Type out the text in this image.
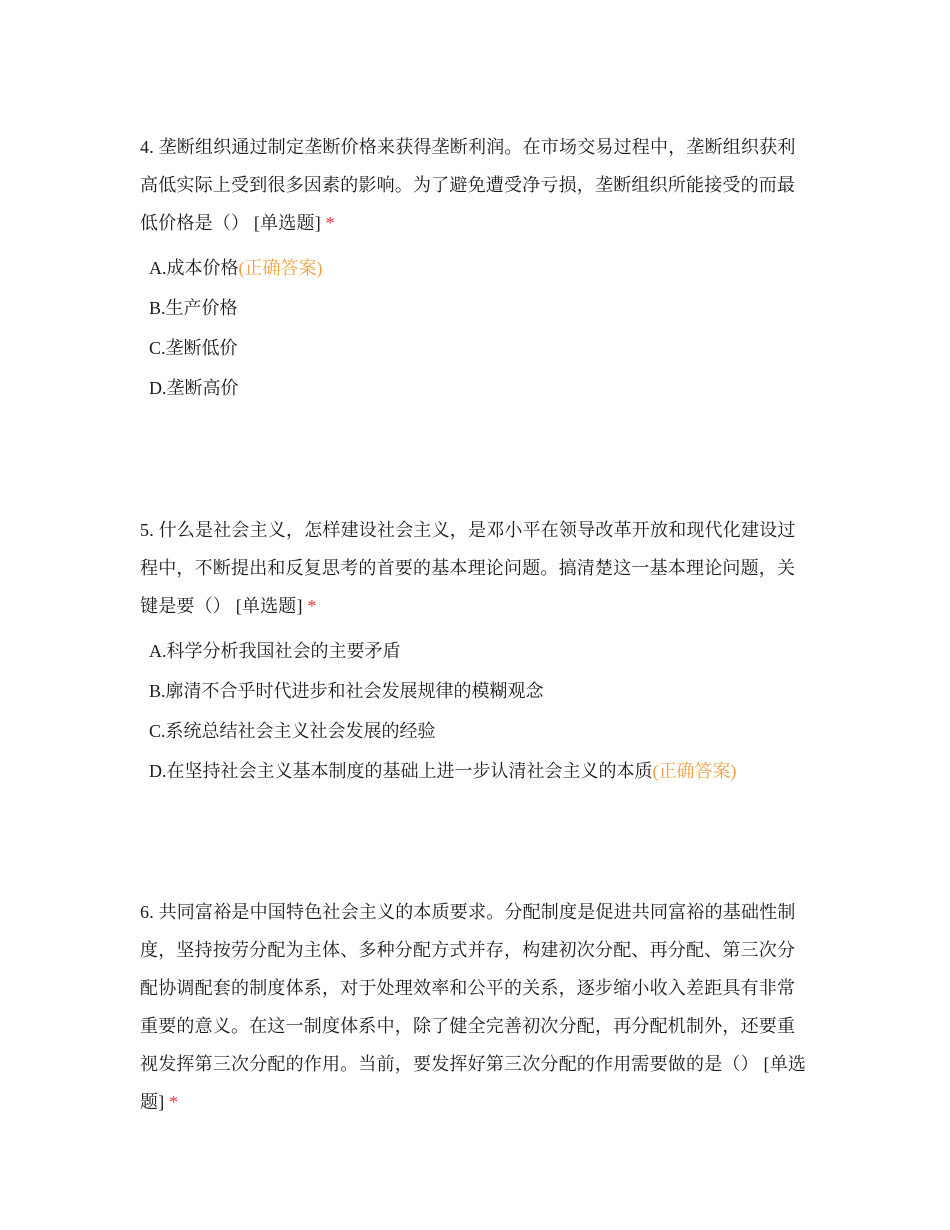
4. 垄断组织通过制定垄断价格来获得垄断利润。在市场交易过程中，垄断组织获利高低实际上受到很多因素的影响。为了避免遭受净亏损，垄断组织所能接受的而最低价格是（） [单选题] *

A.成本价格(正确答案)
B.生产价格
C.垄断低价
D.垄断高价

5. 什么是社会主义，怎样建设社会主义，是邓小平在领导改革开放和现代化建设过程中，不断提出和反复思考的首要的基本理论问题。搞清楚这一基本理论问题，关键是要（） [单选题] *

A.科学分析我国社会的主要矛盾
B.廓清不合乎时代进步和社会发展规律的模糊观念
C.系统总结社会主义社会发展的经验
D.在坚持社会主义基本制度的基础上进一步认清社会主义的本质(正确答案)

6. 共同富裕是中国特色社会主义的本质要求。分配制度是促进共同富裕的基础性制度，坚持按劳分配为主体、多种分配方式并存，构建初次分配、再分配、第三次分配协调配套的制度体系，对于处理效率和公平的关系，逐步缩小收入差距具有非常重要的意义。在这一制度体系中，除了健全完善初次分配，再分配机制外，还要重视发挥第三次分配的作用。当前，要发挥好第三次分配的作用需要做的是（） [单选题] *
